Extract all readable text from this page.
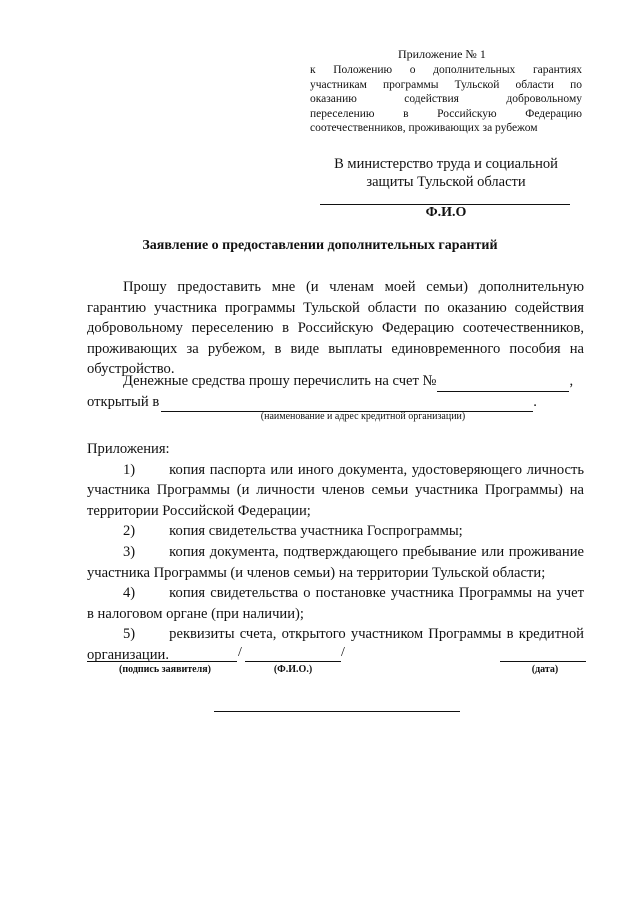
Приложение № 1
к Положению о дополнительных гарантиях
участникам программы Тульской области по
оказанию содействия добровольному
переселению в Российскую Федерацию
соотечественников, проживающих за рубежом
В министерство труда и социальной
защиты Тульской области
Ф.И.О
Заявление о предоставлении дополнительных гарантий
Прошу предоставить мне (и членам моей семьи) дополнительную гарантию участника программы Тульской области по оказанию содействия добровольному переселению в Российскую Федерацию соотечественников, проживающих за рубежом, в виде выплаты единовременного пособия на обустройство.
Денежные средства прошу перечислить на счет №	,
открытый в	.
(наименование и адрес кредитной организации)
Приложения:
1) копия паспорта или иного документа, удостоверяющего личность участника Программы (и личности членов семьи участника Программы) на территории Российской Федерации;
2) копия свидетельства участника Госпрограммы;
3) копия документа, подтверждающего пребывание или проживание участника Программы (и членов семьи) на территории Тульской области;
4) копия свидетельства о постановке участника Программы на учет в налоговом органе (при наличии);
5) реквизиты счета, открытого участником Программы в кредитной организации.	/	/
(подпись заявителя)	(Ф.И.О.)	(дата)
